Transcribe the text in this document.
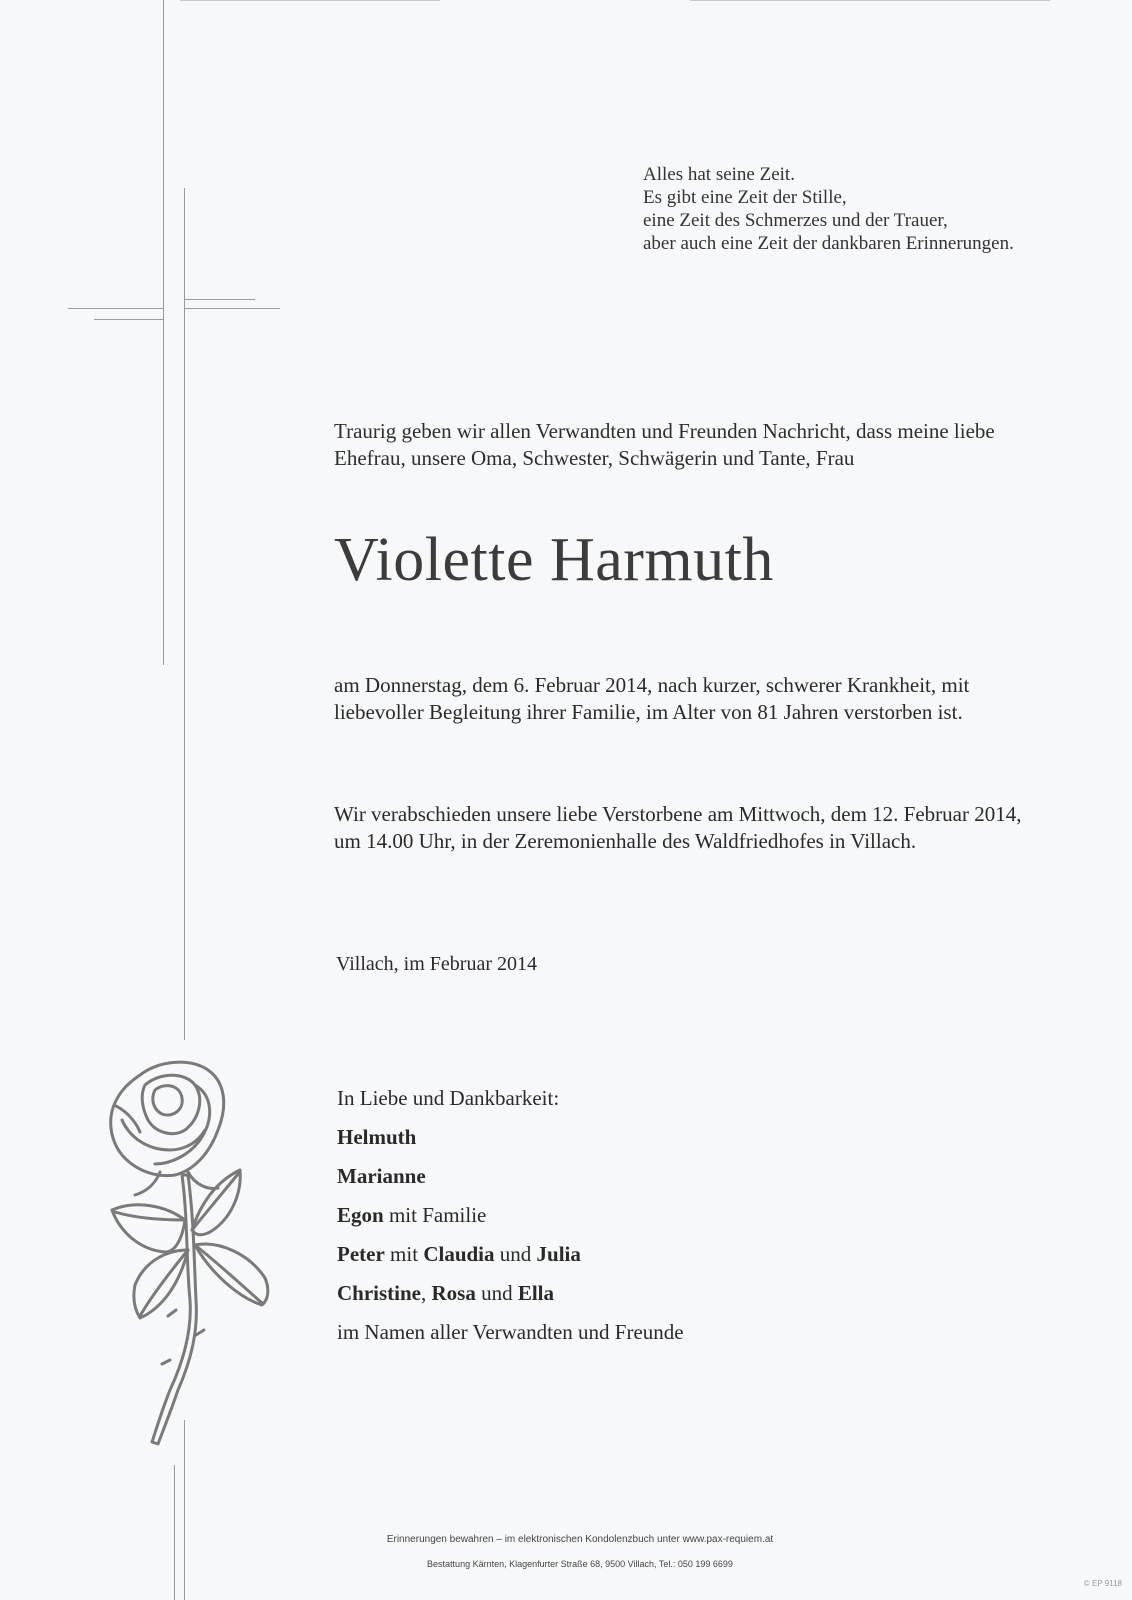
Alles hat seine Zeit.
Es gibt eine Zeit der Stille,
eine Zeit des Schmerzes und der Trauer,
aber auch eine Zeit der dankbaren Erinnerungen.
Traurig geben wir allen Verwandten und Freunden Nachricht, dass meine liebe
Ehefrau, unsere Oma, Schwester, Schwägerin und Tante, Frau
Violette Harmuth
am Donnerstag, dem 6. Februar 2014, nach kurzer, schwerer Krankheit, mit
liebevoller Begleitung ihrer Familie, im Alter von 81 Jahren verstorben ist.
Wir verabschieden unsere liebe Verstorbene am Mittwoch, dem 12. Februar 2014,
um 14.00 Uhr, in der Zeremonienhalle des Waldfriedhofes in Villach.
Villach, im Februar 2014
In Liebe und Dankbarkeit:
Helmuth
Marianne
Egon mit Familie
Peter mit Claudia und Julia
Christine, Rosa und Ella
im Namen aller Verwandten und Freunde
Erinnerungen bewahren – im elektronischen Kondolenzbuch unter www.pax-requiem.at
Bestattung Kärnten, Klagenfurter Straße 68, 9500 Villach, Tel.: 050 199 6699
© EP 9118
